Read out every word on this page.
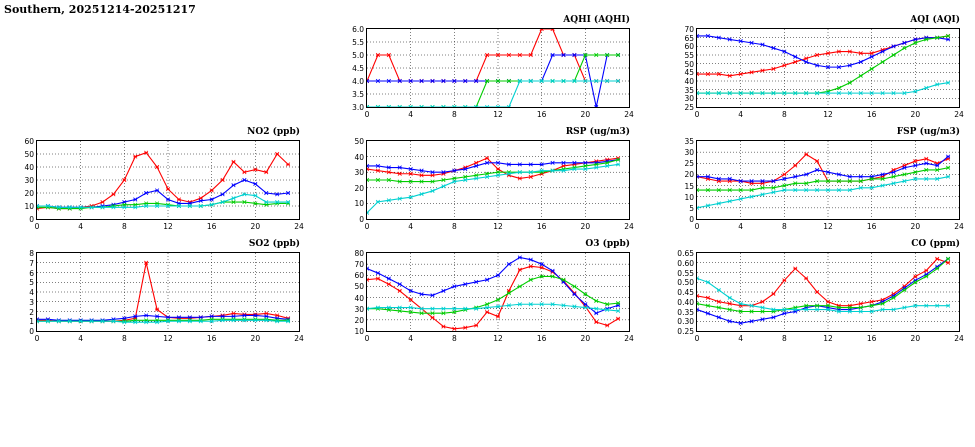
Southern, 20251214-20251217
AQHI (AQHI)
3.0
3.5
4.0
4.5
5.0
5.5
6.0
0	4	8	12	16	20	24
AQI (AQI)
25
30
35
40
45
50
55
60
65
70
0	4	8	12	16	20	24
NO2 (ppb)
0
10
20
30
40
50
60
0	4	8	12	16	20	24
RSP (ug/m3)
0
10
20
30
40
50
0	4	8	12	16	20	24
FSP (ug/m3)
0
5
10
15
20
25
30
35
0	4	8	12	16	20	24
SO2 (ppb)
0
1
2
3
4
5
6
7
8
0	4	8	12	16	20	24
O3 (ppb)
10
20
30
40
50
60
70
80
0	4	8	12	16	20	24
CO (ppm)
0.25
0.30
0.35
0.40
0.45
0.50
0.55
0.60
0.65
0	4	8	12	16	20	24
